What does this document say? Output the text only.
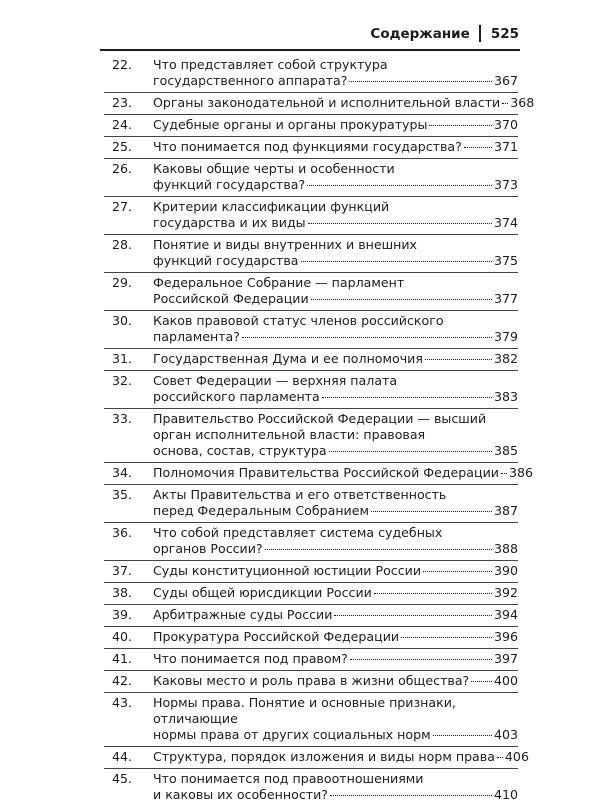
Содержание 525
22.	Что представляет собой структура
государственного аппарата?	367
23.	Органы законодательной и исполнительной власти 368
24.	Судебные органы и органы прокуратуры	370
25.	Что понимается под функциями государства?	371
26.	Каковы общие черты и особенности
функций государства?	373
27.	Критерии классификации функций
государства и их виды	374
28.	Понятие и виды внутренних и внешних
функций государства	375
29.	Федеральное Собрание — парламент
Российской Федерации	377
30.	Каков правовой статус членов российского
парламента?	379
31.	Государственная Дума и ее полномочия	382
32.	Совет Федерации — верхняя палата
российского парламента	383
33.	Правительство Российской Федерации — высший
орган исполнительной власти: правовая
основа, состав, структура	385
34.	Полномочия Правительства Российской Федерации 386
35.	Акты Правительства и его ответственность
перед Федеральным Собранием	387
36.	Что собой представляет система судебных
органов России?	388
37.	Суды конституционной юстиции России	390
38.	Суды общей юрисдикции России	392
39.	Арбитражные суды России	394
40.	Прокуратура Российской Федерации	396
41.	Что понимается под правом?	397
42.	Каковы место и роль права в жизни общества? 400
43.	Нормы права. Понятие и основные признаки, отличающие
нормы права от других социальных норм	403
44.	Структура, порядок изложения и виды норм права 406
45.	Что понимается под правоотношениями
и каковы их особенности?	410
